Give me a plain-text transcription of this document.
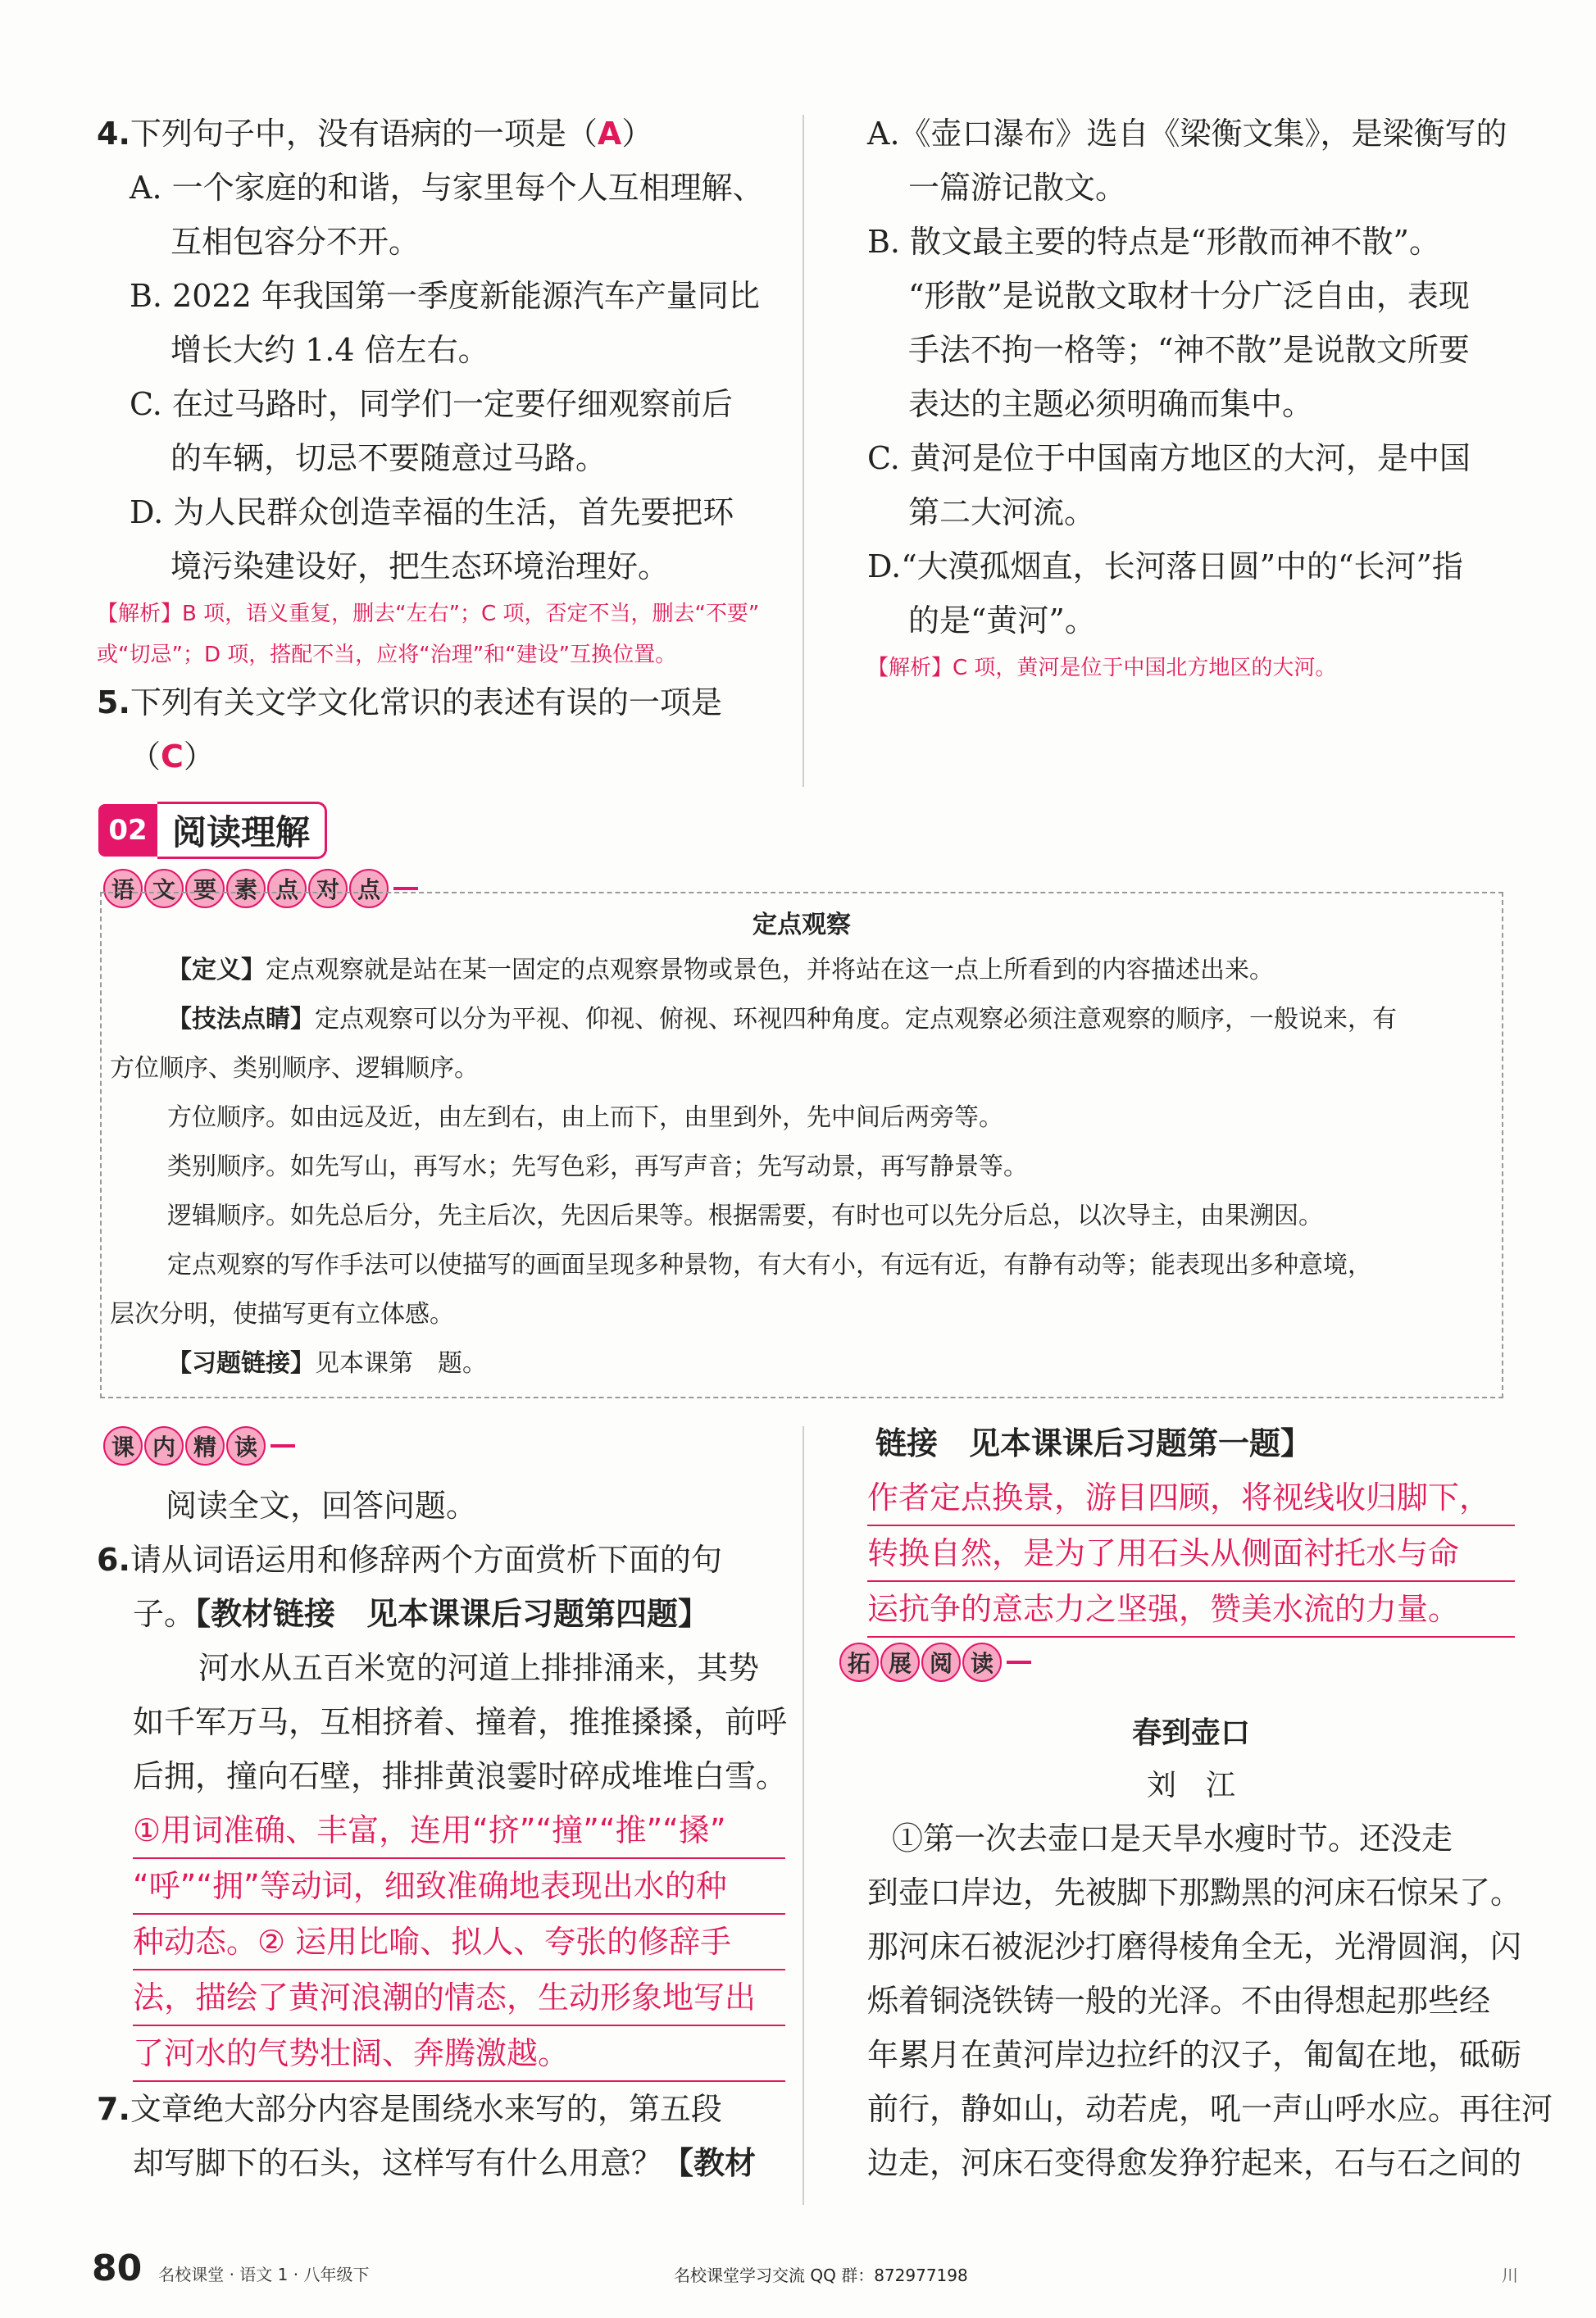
4.下列句子中，没有语病的一项是（A）
A. 一个家庭的和谐，与家里每个人互相理解、
互相包容分不开。
B. 2022 年我国第一季度新能源汽车产量同比
增长大约 1.4 倍左右。
C. 在过马路时，同学们一定要仔细观察前后
的车辆，切忌不要随意过马路。
D. 为人民群众创造幸福的生活，首先要把环
境污染建设好，把生态环境治理好。
【解析】B 项，语义重复，删去“左右”；C 项，否定不当，删去“不要”
或“切忌”；D 项，搭配不当，应将“治理”和“建设”互换位置。
5.下列有关文学文化常识的表述有误的一项是
（C）
A.《壶口瀑布》选自《梁衡文集》，是梁衡写的
一篇游记散文。
B. 散文最主要的特点是“形散而神不散”。
“形散”是说散文取材十分广泛自由，表现
手法不拘一格等；“神不散”是说散文所要
表达的主题必须明确而集中。
C. 黄河是位于中国南方地区的大河，是中国
第二大河流。
D.“大漠孤烟直，长河落日圆”中的“长河”指
的是“黄河”。
【解析】C 项，黄河是位于中国北方地区的大河。
02 阅读理解
语 文 要 素 点 对 点
定点观察
【定义】定点观察就是站在某一固定的点观察景物或景色，并将站在这一点上所看到的内容描述出来。
【技法点睛】定点观察可以分为平视、仰视、俯视、环视四种角度。定点观察必须注意观察的顺序，一般说来，有
方位顺序、类别顺序、逻辑顺序。
方位顺序。如由远及近，由左到右，由上而下，由里到外，先中间后两旁等。
类别顺序。如先写山，再写水；先写色彩，再写声音；先写动景，再写静景等。
逻辑顺序。如先总后分，先主后次，先因后果等。根据需要，有时也可以先分后总，以次导主，由果溯因。
定点观察的写作手法可以使描写的画面呈现多种景物，有大有小，有远有近，有静有动等；能表现出多种意境，
层次分明，使描写更有立体感。
【习题链接】见本课第　题。
课 内 精 读
阅读全文，回答问题。
6.请从词语运用和修辞两个方面赏析下面的句
子。【教材链接　见本课课后习题第四题】
河水从五百米宽的河道上排排涌来，其势
如千军万马，互相挤着、撞着，推推搡搡，前呼
后拥，撞向石壁，排排黄浪霎时碎成堆堆白雪。
①用词准确、丰富，连用“挤”“撞”“推”“搡”
“呼”“拥”等动词，细致准确地表现出水的种
种动态。② 运用比喻、拟人、夸张的修辞手
法，描绘了黄河浪潮的情态，生动形象地写出
了河水的气势壮阔、奔腾激越。
7.文章绝大部分内容是围绕水来写的，第五段
却写脚下的石头，这样写有什么用意？【教材
链接　见本课课后习题第一题】
作者定点换景，游目四顾，将视线收归脚下，
转换自然，是为了用石头从侧面衬托水与命
运抗争的意志力之坚强，赞美水流的力量。
春到壶口
刘　江
①第一次去壶口是天旱水瘦时节。还没走
到壶口岸边，先被脚下那黝黑的河床石惊呆了。
那河床石被泥沙打磨得棱角全无，光滑圆润，闪
烁着铜浇铁铸一般的光泽。不由得想起那些经
年累月在黄河岸边拉纤的汉子，匍匐在地，砥砺
前行，静如山，动若虎，吼一声山呼水应。再往河
边走，河床石变得愈发狰狞起来，石与石之间的
拓 展 阅 读
80 名校课堂 · 语文 1 · 八年级下	名校课堂学习交流 QQ 群：872977198	川
